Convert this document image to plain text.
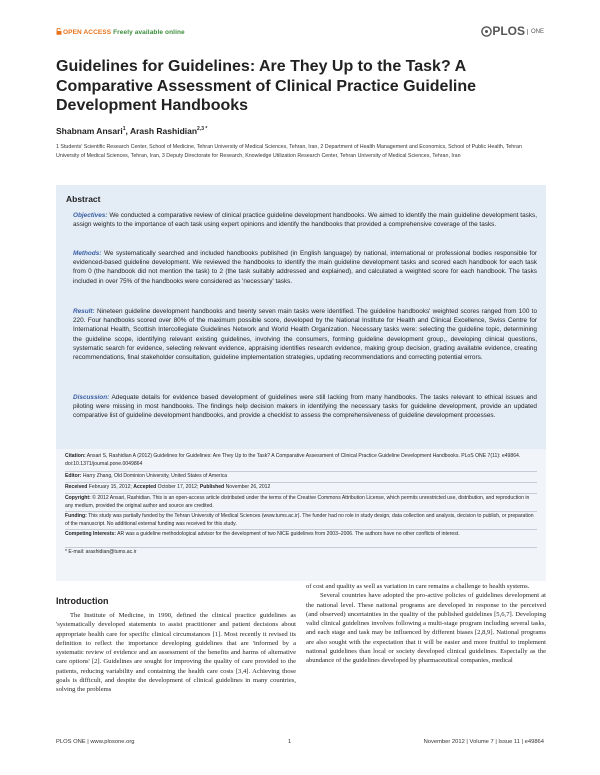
OPEN ACCESS Freely available online	PLOS ONE
Guidelines for Guidelines: Are They Up to the Task? A Comparative Assessment of Clinical Practice Guideline Development Handbooks
Shabnam Ansari$^1$, Arash Rashidian$^{2,3 *}$
1 Students' Scientific Research Center, School of Medicine, Tehran University of Medical Sciences, Tehran, Iran, 2 Department of Health Management and Economics, School of Public Health, Tehran University of Medical Sciences, Tehran, Iran, 3 Deputy Directorate for Research, Knowledge Utilization Research Center, Tehran University of Medical Sciences, Tehran, Iran
Abstract
Objectives: We conducted a comparative review of clinical practice guideline development handbooks. We aimed to identify the main guideline development tasks, assign weights to the importance of each task using expert opinions and identify the handbooks that provided a comprehensive coverage of the tasks.
Methods: We systematically searched and included handbooks published (in English language) by national, international or professional bodies responsible for evidenced-based guideline development. We reviewed the handbooks to identify the main guideline development tasks and scored each handbook for each task from 0 (the handbook did not mention the task) to 2 (the task suitably addressed and explained), and calculated a weighted score for each handbook. The tasks included in over 75% of the handbooks were considered as 'necessary' tasks.
Result: Nineteen guideline development handbooks and twenty seven main tasks were identified. The guideline handbooks' weighted scores ranged from 100 to 220. Four handbooks scored over 80% of the maximum possible score, developed by the National Institute for Health and Clinical Excellence, Swiss Centre for International Health, Scottish Intercollegiate Guidelines Network and World Health Organization. Necessary tasks were: selecting the guideline topic, determining the guideline scope, identifying relevant existing guidelines, involving the consumers, forming guideline development group,, developing clinical questions, systematic search for evidence, selecting relevant evidence, appraising identifies research evidence, making group decision, grading available evidence, creating recommendations, final stakeholder consultation, guideline implementation strategies, updating recommendations and correcting potential errors.
Discussion: Adequate details for evidence based development of guidelines were still lacking from many handbooks. The tasks relevant to ethical issues and piloting were missing in most handbooks. The findings help decision makers in identifying the necessary tasks for guideline development, provide an updated comparative list of guideline development handbooks, and provide a checklist to assess the comprehensiveness of guideline development processes.
Citation: Ansari S, Rashidian A (2012) Guidelines for Guidelines: Are They Up to the Task? A Comparative Assessment of Clinical Practice Guideline Development Handbooks. PLoS ONE 7(11): e49864. doi:10.1371/journal.pone.0049864
Editor: Harry Zhang, Old Dominion University, United States of America
Received February 15, 2012; Accepted October 17, 2012; Published November 26, 2012
Copyright: © 2012 Ansari, Rashidian. This is an open-access article distributed under the terms of the Creative Commons Attribution License, which permits unrestricted use, distribution, and reproduction in any medium, provided the original author and source are credited.
Funding: This study was partially funded by the Tehran University of Medical Sciences (www.tums.ac.ir). The funder had no role in study design, data collection and analysis, decision to publish, or preparation of the manuscript. No additional external funding was received for this study.
Competing Interests: AR was a guideline methodological advisor for the development of two NICE guidelines from 2003–2006. The authors have no other conflicts of interest.
* E-mail: arashidian@tums.ac.ir
Introduction

The Institute of Medicine, in 1990, defined the clinical practice guidelines as 'systematically developed statements to assist practitioner and patient decisions about appropriate health care for specific clinical circumstances [1]. Most recently it revised its definition to reflect the importance developing guidelines that are 'informed by a systematic review of evidence and an assessment of the benefits and harms of alternative care options' [2]. Guidelines are sought for improving the quality of care provided to the patients, reducing variability and containing the health care costs [3,4]. Achieving those goals is difficult, and despite the development of clinical guidelines in many countries, solving the problems

of cost and quality as well as variation in care remains a challenge to health systems.

Several countries have adopted the pro-active policies of guidelines development at the national level. These national programs are developed in response to the perceived (and observed) uncertainties in the quality of the published guidelines [5,6,7]. Developing valid clinical guidelines involves following a multi-stage program including several tasks, and each stage and task may be influenced by different biases [2,8,9]. National programs are also sought with the expectation that it will be easier and more fruitful to implement national guidelines than local or society developed clinical guidelines. Especially as the abundance of the guidelines developed by pharmaceutical companies, medical

PLOS ONE | www.plosone.org	1	November 2012 | Volume 7 | Issue 11 | e49864
